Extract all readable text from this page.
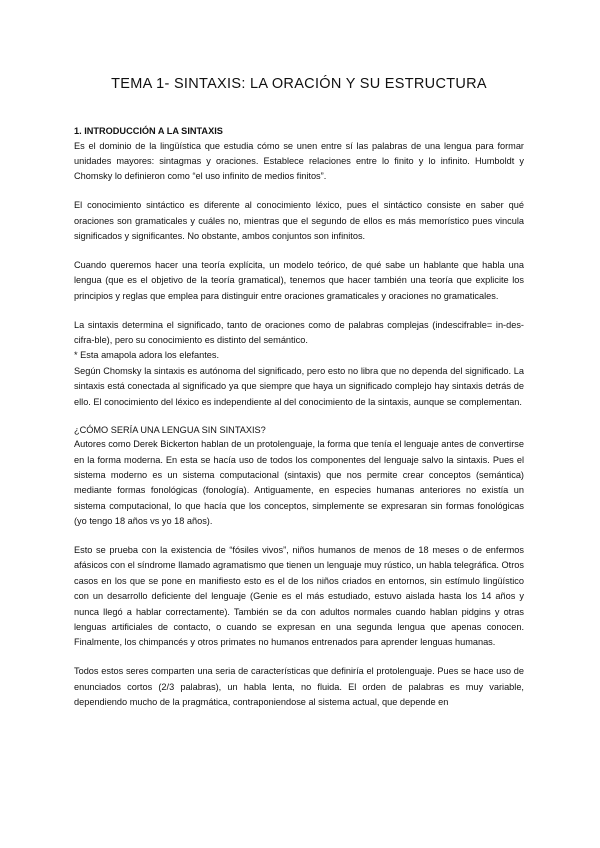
TEMA 1- SINTAXIS: LA ORACIÓN Y SU ESTRUCTURA
1. INTRODUCCIÓN A LA SINTAXIS

Es el dominio de la lingüística que estudia cómo se unen entre sí las palabras de una lengua para formar unidades mayores: sintagmas y oraciones. Establece relaciones entre lo finito y lo infinito. Humboldt y Chomsky lo definieron como “el uso infinito de medios finitos”.

El conocimiento sintáctico es diferente al conocimiento léxico, pues el sintáctico consiste en saber qué oraciones son gramaticales y cuáles no, mientras que el segundo de ellos es más memorístico pues vincula significados y significantes. No obstante, ambos conjuntos son infinitos.

Cuando queremos hacer una teoría explícita, un modelo teórico, de qué sabe un hablante que habla una lengua (que es el objetivo de la teoría gramatical), tenemos que hacer también una teoría que explicite los principios y reglas que emplea para distinguir entre oraciones gramaticales y oraciones no gramaticales.

La sintaxis determina el significado, tanto de oraciones como de palabras complejas (indescifrable= in-des-cifra-ble), pero su conocimiento es distinto del semántico.

* Esta amapola adora los elefantes.

Según Chomsky la sintaxis es autónoma del significado, pero esto no libra que no dependa del significado. La sintaxis está conectada al significado ya que siempre que haya un significado complejo hay sintaxis detrás de ello. El conocimiento del léxico es independiente al del conocimiento de la sintaxis, aunque se complementan.

¿CÓMO SERÍA UNA LENGUA SIN SINTAXIS?

Autores como Derek Bickerton hablan de un protolenguaje, la forma que tenía el lenguaje antes de convertirse en la forma moderna. En esta se hacía uso de todos los componentes del lenguaje salvo la sintaxis. Pues el sistema moderno es un sistema computacional (sintaxis) que nos permite crear conceptos (semántica) mediante formas fonológicas (fonología). Antiguamente, en especies humanas anteriores no existía un sistema computacional, lo que hacía que los conceptos, simplemente se expresaran sin formas fonológicas (yo tengo 18 años vs yo 18 años).

Esto se prueba con la existencia de “fósiles vivos”, niños humanos de menos de 18 meses o de enfermos afásicos con el síndrome llamado agramatismo que tienen un lenguaje muy rústico, un habla telegráfica. Otros casos en los que se pone en manifiesto esto es el de los niños criados en entornos, sin estímulo lingüístico con un desarrollo deficiente del lenguaje (Genie es el más estudiado, estuvo aislada hasta los 14 años y nunca llegó a hablar correctamente). También se da con adultos normales cuando hablan pidgins y otras lenguas artificiales de contacto, o cuando se expresan en una segunda lengua que apenas conocen. Finalmente, los chimpancés y otros primates no humanos entrenados para aprender lenguas humanas.

Todos estos seres comparten una seria de características que definiría el protolenguaje. Pues se hace uso de enunciados cortos (2/3 palabras), un habla lenta, no fluida. El orden de palabras es muy variable, dependiendo mucho de la pragmática, contraponiendose al sistema actual, que depende en
